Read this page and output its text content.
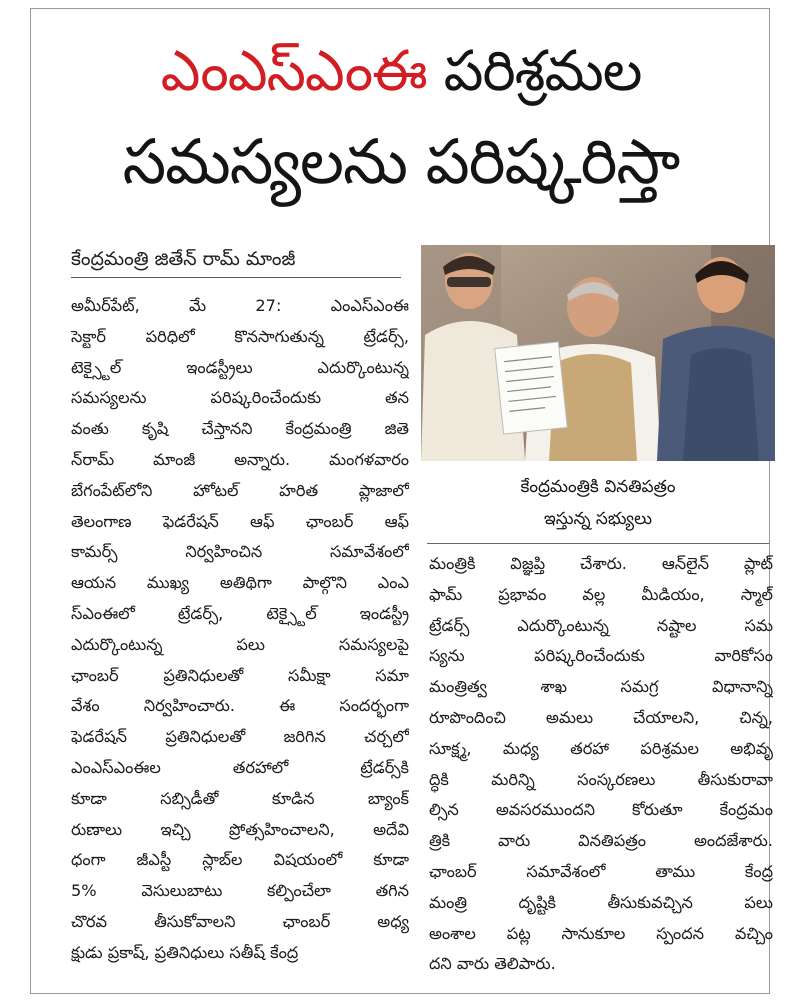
ఎంఎస్ఎంఈ పరిశ్రమల
సమస్యలను పరిష్కరిస్తా
కేంద్రమంత్రి జితేన్ రామ్ మాంజీ
అమీర్‌పేట్, మే 27: ఎంఎస్ఎంఈ
సెక్టార్ పరిధిలో కొనసాగుతున్న ట్రేడర్స్,
టెక్స్టైల్ ఇండస్ట్రీలు ఎదుర్కొంటున్న
సమస్యలను పరిష్కరించేందుకు తన
వంతు కృషి చేస్తానని కేంద్రమంత్రి జితె
న్‌రామ్ మాంజీ అన్నారు. మంగళవారం
బేగంపేట్‌లోని హోటల్ హరిత ప్లాజాలో
తెలంగాణ ఫెడరేషన్ ఆఫ్ ఛాంబర్ ఆఫ్
కామర్స్ నిర్వహించిన సమావేశంలో
ఆయన ముఖ్య అతిథిగా పాల్గొని ఎంఎ
స్ఎంఈలో ట్రేడర్స్, టెక్స్టైల్ ఇండస్ట్రీ
ఎదుర్కొంటున్న పలు సమస్యలపై
ఛాంబర్ ప్రతినిధులతో సమీక్షా సమా
వేశం నిర్వహించారు. ఈ సందర్భంగా
ఫెడరేషన్ ప్రతినిధులతో జరిగిన చర్చలో
ఎంఎస్ఎంఈల తరహాలో ట్రేడర్స్‌కి
కూడా సబ్సిడీతో కూడిన బ్యాంక్
రుణాలు ఇచ్చి ప్రోత్సహించాలని, అదేవి
ధంగా జీఎస్టీ స్లాబ్‌ల విషయంలో కూడా
5% వెసులుబాటు కల్పించేలా తగిన
చొరవ తీసుకోవాలని ఛాంబర్ అధ్య
క్షుడు ప్రకాష్, ప్రతినిధులు సతీష్ కేంద్ర
కేంద్రమంత్రికి వినతిపత్రం
ఇస్తున్న సభ్యులు
మంత్రికి విజ్ఞప్తి చేశారు. ఆన్‌లైన్ ప్లాట్
ఫామ్ ప్రభావం వల్ల మీడియం, స్మాల్
ట్రేడర్స్ ఎదుర్కొంటున్న నష్టాల సమ
స్యను పరిష్కరించేందుకు వారికోసం
మంత్రిత్వ శాఖ సమగ్ర విధానాన్ని
రూపొందించి అమలు చేయాలని, చిన్న,
సూక్ష్మ, మధ్య తరహా పరిశ్రమల అభివృ
ద్ధికి మరిన్ని సంస్కరణలు తీసుకురావా
ల్సిన అవసరముందని కోరుతూ కేంద్రమం
త్రికి వారు వినతిపత్రం అందజేశారు.
ఛాంబర్ సమావేశంలో తాము కేంద్ర
మంత్రి దృష్టికి తీసుకువచ్చిన పలు
అంశాల పట్ల సానుకూల స్పందన వచ్చిం
దని వారు తెలిపారు.
